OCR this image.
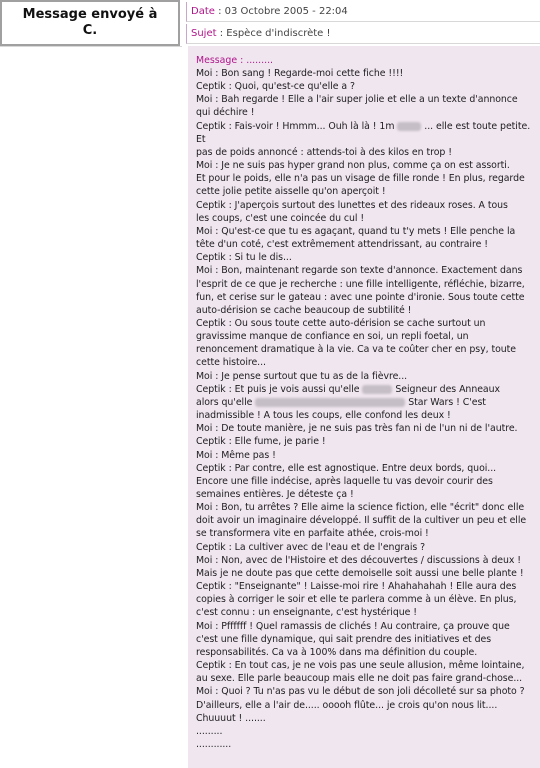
Message envoyé à C.
Date : 03 Octobre 2005 - 22:04
Sujet : Espèce d'indiscrète !
Message : .........
Moi : Bon sang ! Regarde-moi cette fiche !!!!
Ceptik : Quoi, qu'est-ce qu'elle a ?
Moi : Bah regarde ! Elle a l'air super jolie et elle a un texte d'annonce
qui déchire !
Ceptik : Fais-voir ! Hmmm... Ouh là là ! 1m	... elle est toute petite. Et
pas de poids annoncé : attends-toi à des kilos en trop !
Moi : Je ne suis pas hyper grand non plus, comme ça on est assorti.
Et pour le poids, elle n'a pas un visage de fille ronde ! En plus, regarde
cette jolie petite aisselle qu'on aperçoit !
Ceptik : J'aperçois surtout des lunettes et des rideaux roses. A tous
les coups, c'est une coincée du cul !
Moi : Qu'est-ce que tu es agaçant, quand tu t'y mets ! Elle penche la
tête d'un coté, c'est extrêmement attendrissant, au contraire !
Ceptik : Si tu le dis...
Moi : Bon, maintenant regarde son texte d'annonce. Exactement dans
l'esprit de ce que je recherche : une fille intelligente, réfléchie, bizarre,
fun, et cerise sur le gateau : avec une pointe d'ironie. Sous toute cette
auto-dérision se cache beaucoup de subtilité !
Ceptik : Ou sous toute cette auto-dérision se cache surtout un
gravissime manque de confiance en soi, un repli foetal, un
renoncement dramatique à la vie. Ca va te coûter cher en psy, toute
cette histoire...
Moi : Je pense surtout que tu as de la fièvre...
Ceptik : Et puis je vois aussi qu'elle	Seigneur des Anneaux
alors qu'elle	Star Wars ! C'est
inadmissible ! A tous les coups, elle confond les deux !
Moi : De toute manière, je ne suis pas très fan ni de l'un ni de l'autre.
Ceptik : Elle fume, je parie !
Moi : Même pas !
Ceptik : Par contre, elle est agnostique. Entre deux bords, quoi...
Encore une fille indécise, après laquelle tu vas devoir courir des
semaines entières. Je déteste ça !
Moi : Bon, tu arrêtes ? Elle aime la science fiction, elle "écrit" donc elle
doit avoir un imaginaire développé. Il suffit de la cultiver un peu et elle
se transformera vite en parfaite athée, crois-moi !
Ceptik : La cultiver avec de l'eau et de l'engrais ?
Moi : Non, avec de l'Histoire et des découvertes / discussions à deux !
Mais je ne doute pas que cette demoiselle soit aussi une belle plante !
Ceptik : "Enseignante" ! Laisse-moi rire ! Ahahahahah ! Elle aura des
copies à corriger le soir et elle te parlera comme à un élève. En plus,
c'est connu : un enseignante, c'est hystérique !
Moi : Pffffff ! Quel ramassis de clichés ! Au contraire, ça prouve que
c'est une fille dynamique, qui sait prendre des initiatives et des
responsabilités. Ca va à 100% dans ma définition du couple.
Ceptik : En tout cas, je ne vois pas une seule allusion, même lointaine,
au sexe. Elle parle beaucoup mais elle ne doit pas faire grand-chose...
Moi : Quoi ? Tu n'as pas vu le début de son joli décolleté sur sa photo ?
D'ailleurs, elle a l'air de..... ooooh flûte... je crois qu'on nous lit....
Chuuuut ! .......
.........
............
